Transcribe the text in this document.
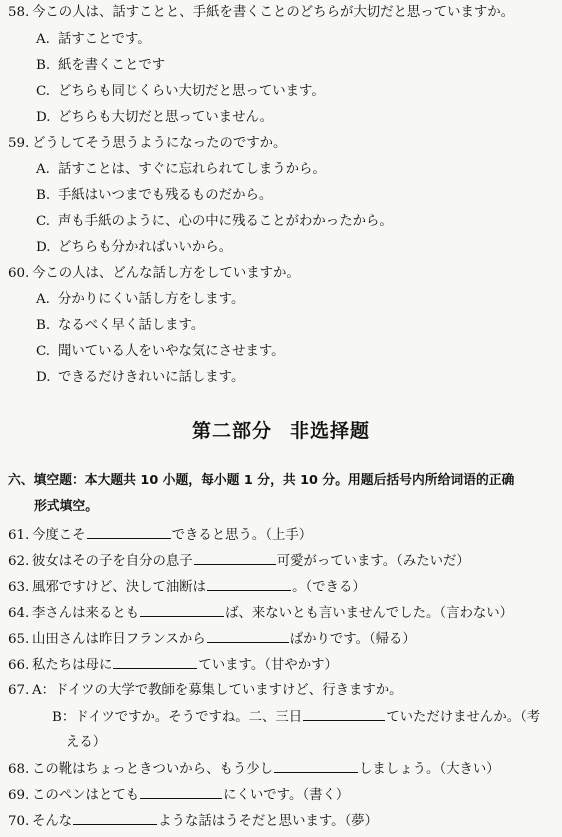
58. 今この人は、話すことと、手紙を書くことのどちらが大切だと思っていますか。
A. 話すことです。
B. 紙を書くことです
C. どちらも同じくらい大切だと思っています。
D. どちらも大切だと思っていません。
59. どうしてそう思うようになったのですか。
A. 話すことは、すぐに忘れられてしまうから。
B. 手紙はいつまでも残るものだから。
C. 声も手紙のように、心の中に残ることがわかったから。
D. どちらも分かればいいから。
60. 今この人は、どんな話し方をしていますか。
A. 分かりにくい話し方をします。
B. なるべく早く話します。
C. 聞いている人をいやな気にさせます。
D. できるだけきれいに話します。
第二部分 非选择题
六、填空题：本大题共 10 小题，每小题 1 分，共 10 分。用题后括号内所给词语的正确
形式填空。
61. 今度こそ	できると思う。（上手）
62. 彼女はその子を自分の息子	可愛がっています。（みたいだ）
63. 風邪ですけど、決して油断は	。（できる）
64. 李さんは来るとも	ば、来ないとも言いませんでした。（言わない）
65. 山田さんは昨日フランスから	ばかりです。（帰る）
66. 私たちは母に	ています。（甘やかす）
67. A：ドイツの大学で教師を募集していますけど、行きますか。
B：ドイツですか。そうですね。二、三日	ていただけませんか。（考
える）
68. この靴はちょっときついから、もう少し	しましょう。（大きい）
69. このペンはとても	にくいです。（書く）
70. そんな	ような話はうそだと思います。（夢）
